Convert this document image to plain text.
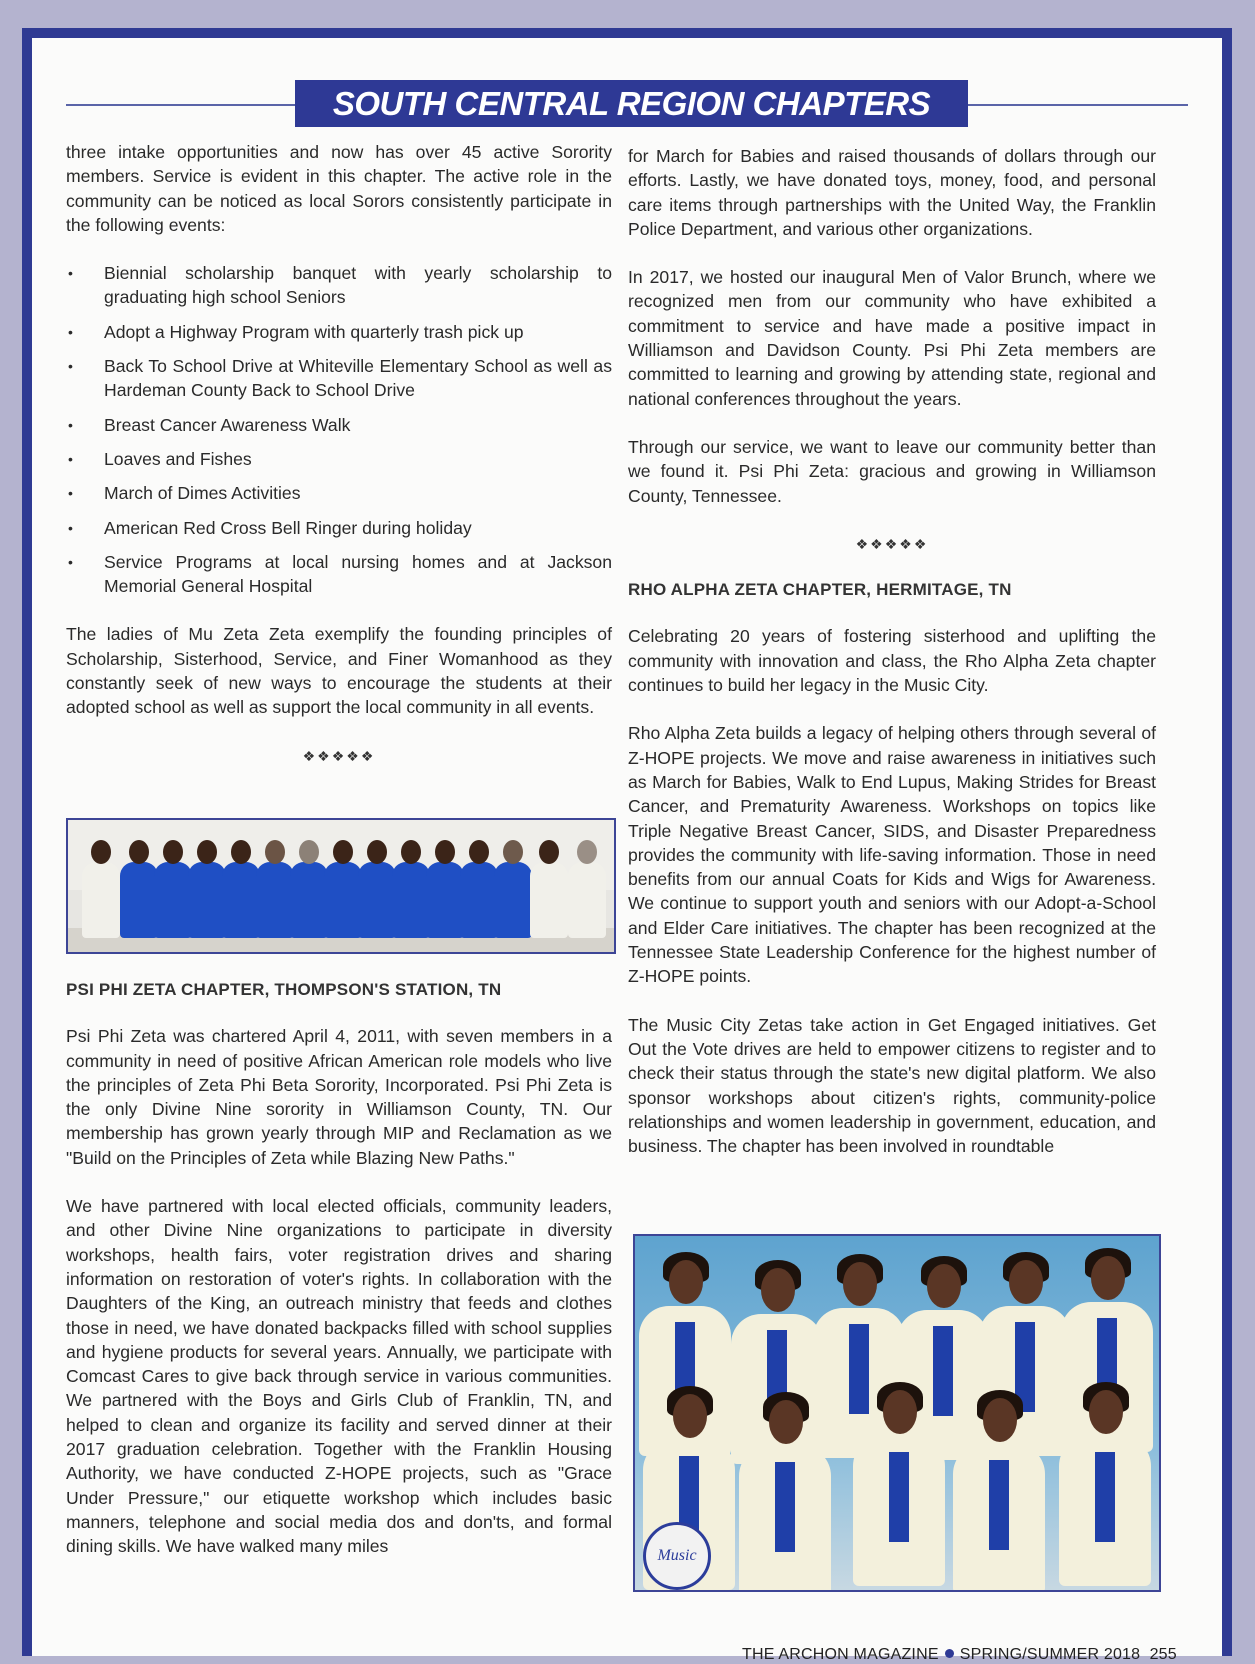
SOUTH CENTRAL REGION CHAPTERS

three intake opportunities and now has over 45 active Sorority members. Service is evident in this chapter. The active role in the community can be noticed as local Sorors consistently participate in the following events:

• Biennial scholarship banquet with yearly scholarship to graduating high school Seniors
• Adopt a Highway Program with quarterly trash pick up
• Back To School Drive at Whiteville Elementary School as well as Hardeman County Back to School Drive
• Breast Cancer Awareness Walk
• Loaves and Fishes
• March of Dimes Activities
• American Red Cross Bell Ringer during holiday
• Service Programs at local nursing homes and at Jackson Memorial General Hospital

The ladies of Mu Zeta Zeta exemplify the founding principles of Scholarship, Sisterhood, Service, and Finer Womanhood as they constantly seek of new ways to encourage the students at their adopted school as well as support the local community in all events.

❖❖❖❖❖
PSI PHI ZETA CHAPTER, THOMPSON'S STATION, TN

Psi Phi Zeta was chartered April 4, 2011, with seven members in a community in need of positive African American role models who live the principles of Zeta Phi Beta Sorority, Incorporated. Psi Phi Zeta is the only Divine Nine sorority in Williamson County, TN. Our membership has grown yearly through MIP and Reclamation as we "Build on the Principles of Zeta while Blazing New Paths."

We have partnered with local elected officials, community leaders, and other Divine Nine organizations to participate in diversity workshops, health fairs, voter registration drives and sharing information on restoration of voter's rights. In collaboration with the Daughters of the King, an outreach ministry that feeds and clothes those in need, we have donated backpacks filled with school supplies and hygiene products for several years. Annually, we participate with Comcast Cares to give back through service in various communities. We partnered with the Boys and Girls Club of Franklin, TN, and helped to clean and organize its facility and served dinner at their 2017 graduation celebration. Together with the Franklin Housing Authority, we have conducted Z-HOPE projects, such as "Grace Under Pressure," our etiquette workshop which includes basic manners, telephone and social media dos and don'ts, and formal dining skills. We have walked many miles

for March for Babies and raised thousands of dollars through our efforts. Lastly, we have donated toys, money, food, and personal care items through partnerships with the United Way, the Franklin Police Department, and various other organizations.

In 2017, we hosted our inaugural Men of Valor Brunch, where we recognized men from our community who have exhibited a commitment to service and have made a positive impact in Williamson and Davidson County. Psi Phi Zeta members are committed to learning and growing by attending state, regional and national conferences throughout the years.

Through our service, we want to leave our community better than we found it. Psi Phi Zeta: gracious and growing in Williamson County, Tennessee.

❖❖❖❖❖
RHO ALPHA ZETA CHAPTER, HERMITAGE, TN

Celebrating 20 years of fostering sisterhood and uplifting the community with innovation and class, the Rho Alpha Zeta chapter continues to build her legacy in the Music City.

Rho Alpha Zeta builds a legacy of helping others through several of Z-HOPE projects. We move and raise awareness in initiatives such as March for Babies, Walk to End Lupus, Making Strides for Breast Cancer, and Prematurity Awareness. Workshops on topics like Triple Negative Breast Cancer, SIDS, and Disaster Preparedness provides the community with life-saving information. Those in need benefits from our annual Coats for Kids and Wigs for Awareness. We continue to support youth and seniors with our Adopt-a-School and Elder Care initiatives. The chapter has been recognized at the Tennessee State Leadership Conference for the highest number of Z-HOPE points.

The Music City Zetas take action in Get Engaged initiatives. Get Out the Vote drives are held to empower citizens to register and to check their status through the state's new digital platform. We also sponsor workshops about citizen's rights, community-police relationships and women leadership in government, education, and business. The chapter has been involved in roundtable

Music
THE ARCHON MAGAZINE SPRING/SUMMER 2018 255
